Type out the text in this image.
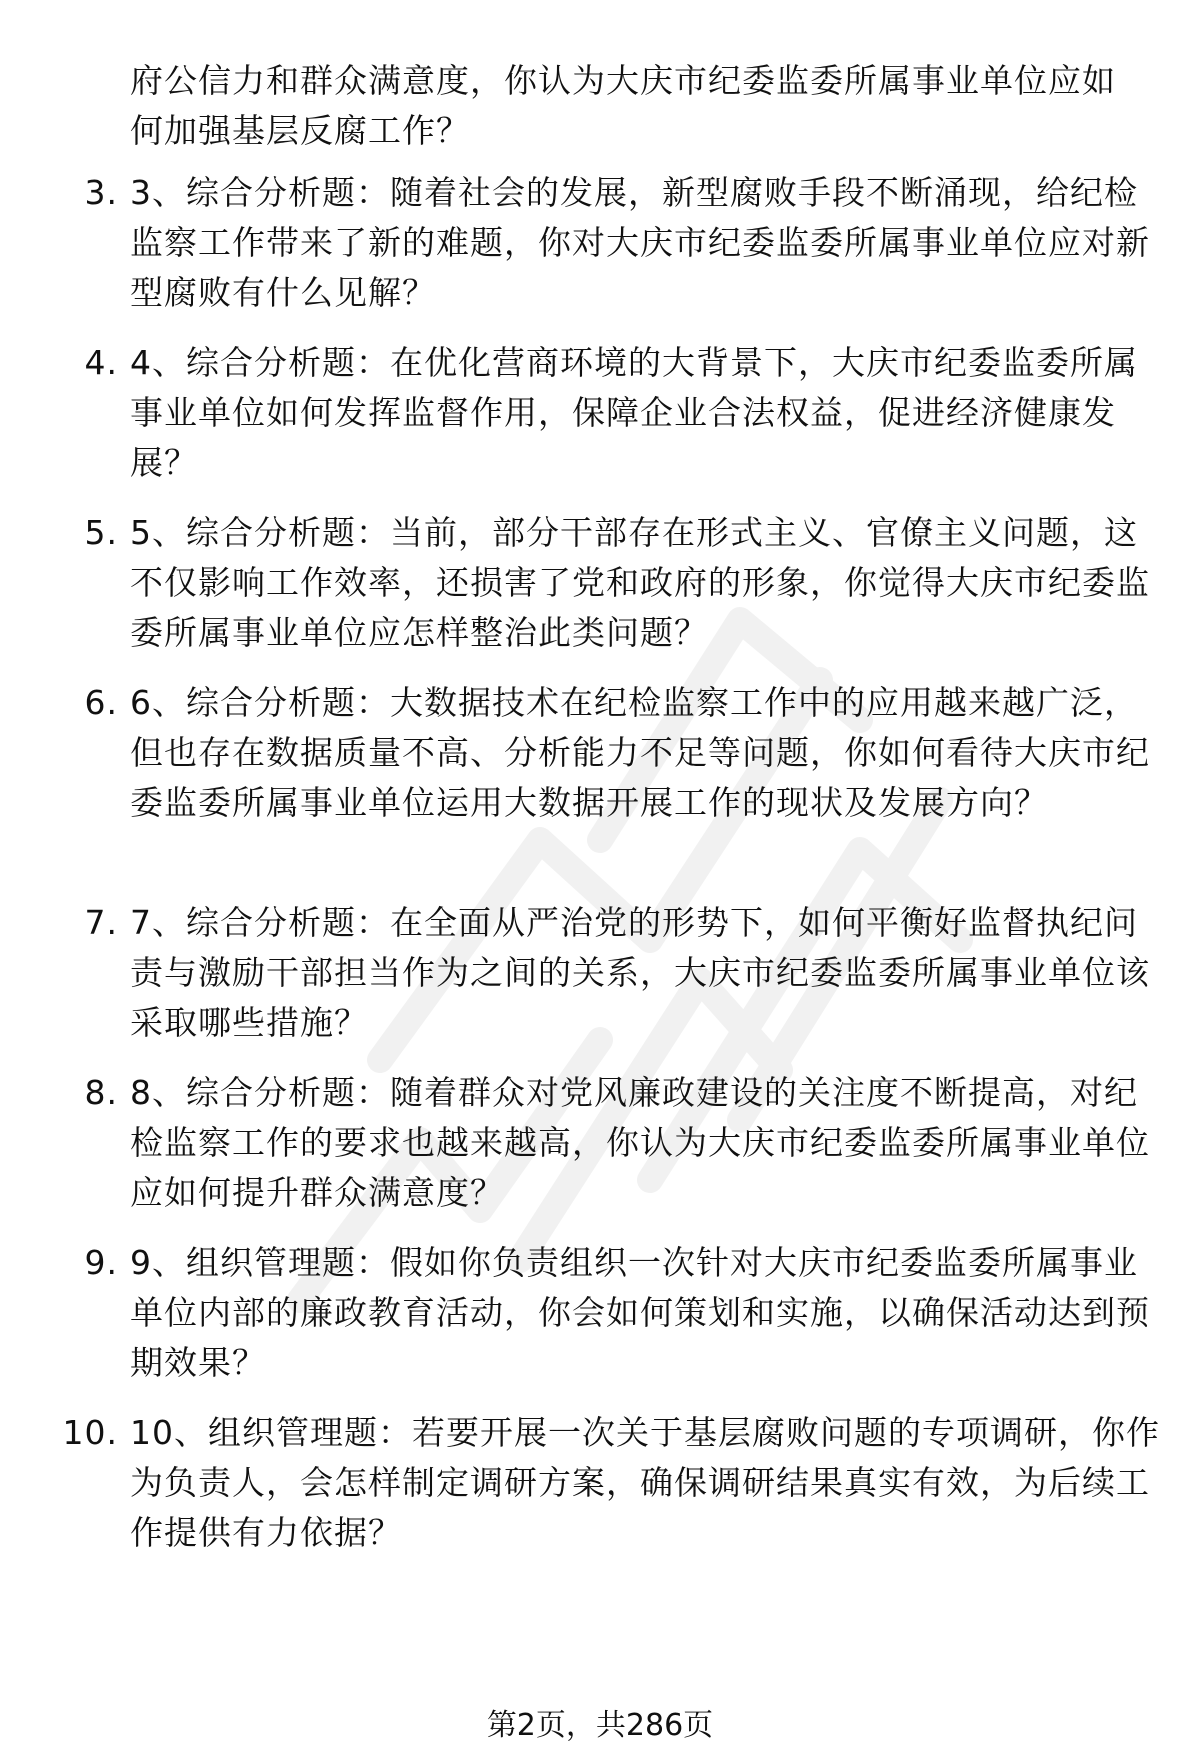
府公信力和群众满意度，你认为大庆市纪委监委所属事业单位应如何加强基层反腐工作？
3. 3、综合分析题：随着社会的发展，新型腐败手段不断涌现，给纪检监察工作带来了新的难题，你对大庆市纪委监委所属事业单位应对新型腐败有什么见解？
4. 4、综合分析题：在优化营商环境的大背景下，大庆市纪委监委所属事业单位如何发挥监督作用，保障企业合法权益，促进经济健康发展？
5. 5、综合分析题：当前，部分干部存在形式主义、官僚主义问题，这不仅影响工作效率，还损害了党和政府的形象，你觉得大庆市纪委监委所属事业单位应怎样整治此类问题？
6. 6、综合分析题：大数据技术在纪检监察工作中的应用越来越广泛，但也存在数据质量不高、分析能力不足等问题，你如何看待大庆市纪委监委所属事业单位运用大数据开展工作的现状及发展方向？
7. 7、综合分析题：在全面从严治党的形势下，如何平衡好监督执纪问责与激励干部担当作为之间的关系，大庆市纪委监委所属事业单位该采取哪些措施？
8. 8、综合分析题：随着群众对党风廉政建设的关注度不断提高，对纪检监察工作的要求也越来越高，你认为大庆市纪委监委所属事业单位应如何提升群众满意度？
9. 9、组织管理题：假如你负责组织一次针对大庆市纪委监委所属事业单位内部的廉政教育活动，你会如何策划和实施，以确保活动达到预期效果？
10. 10、组织管理题：若要开展一次关于基层腐败问题的专项调研，你作为负责人，会怎样制定调研方案，确保调研结果真实有效，为后续工作提供有力依据？
第2页，共286页
